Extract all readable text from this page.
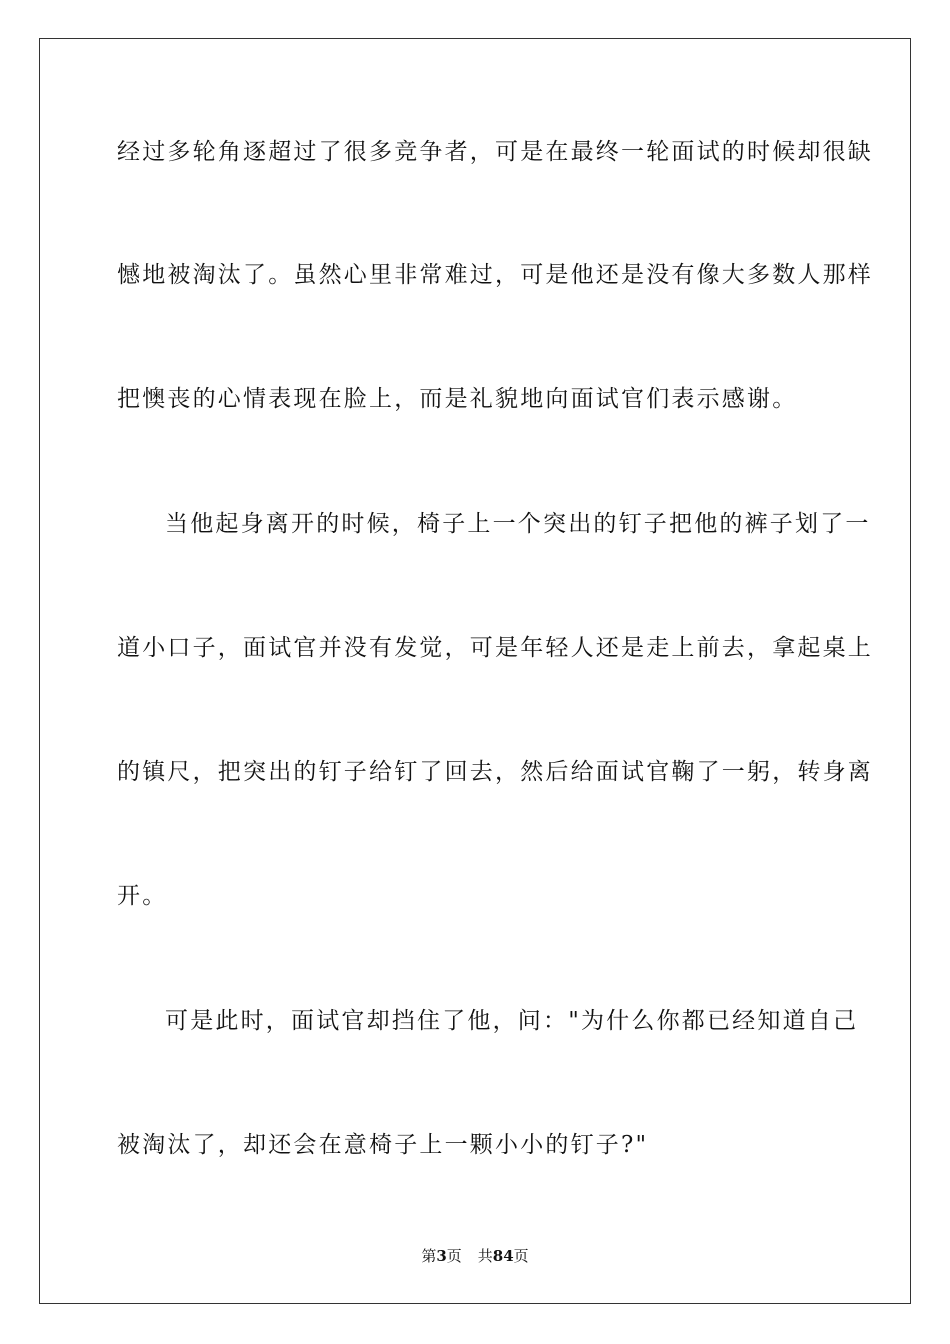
经过多轮角逐超过了很多竞争者，可是在最终一轮面试的时候却很缺
憾地被淘汰了。虽然心里非常难过，可是他还是没有像大多数人那样
把懊丧的心情表现在脸上，而是礼貌地向面试官们表示感谢。
当他起身离开的时候，椅子上一个突出的钉子把他的裤子划了一
道小口子，面试官并没有发觉，可是年轻人还是走上前去，拿起桌上
的镇尺，把突出的钉子给钉了回去，然后给面试官鞠了一躬，转身离
开。
可是此时，面试官却挡住了他，问："为什么你都已经知道自己
被淘汰了，却还会在意椅子上一颗小小的钉子?"
第3页 共84页
